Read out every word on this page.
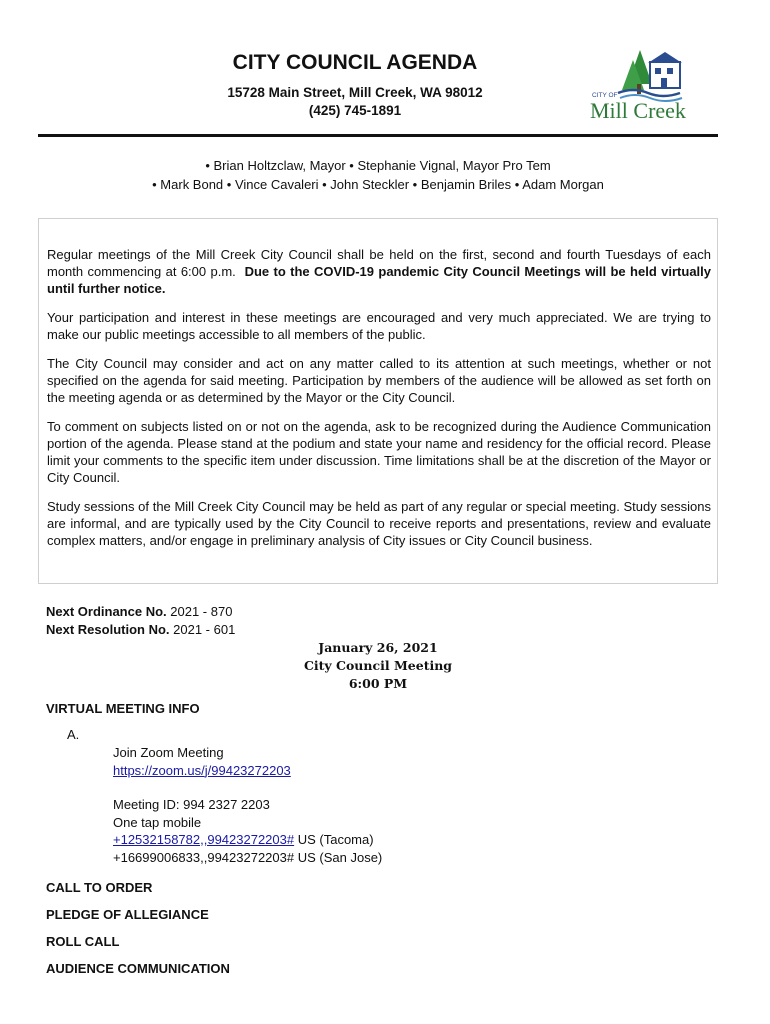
CITY COUNCIL AGENDA
15728 Main Street, Mill Creek, WA 98012
(425) 745-1891
CITY OF
Mill Creek
• Brian Holtzclaw, Mayor • Stephanie Vignal, Mayor Pro Tem
• Mark Bond • Vince Cavaleri • John Steckler • Benjamin Briles • Adam Morgan

Regular meetings of the Mill Creek City Council shall be held on the first, second and fourth Tuesdays of each month commencing at 6:00 p.m. Due to the COVID-19 pandemic City Council Meetings will be held virtually until further notice.

Your participation and interest in these meetings are encouraged and very much appreciated. We are trying to make our public meetings accessible to all members of the public.

The City Council may consider and act on any matter called to its attention at such meetings, whether or not specified on the agenda for said meeting. Participation by members of the audience will be allowed as set forth on the meeting agenda or as determined by the Mayor or the City Council.

To comment on subjects listed on or not on the agenda, ask to be recognized during the Audience Communication portion of the agenda. Please stand at the podium and state your name and residency for the official record. Please limit your comments to the specific item under discussion. Time limitations shall be at the discretion of the Mayor or City Council.

Study sessions of the Mill Creek City Council may be held as part of any regular or special meeting. Study sessions are informal, and are typically used by the City Council to receive reports and presentations, review and evaluate complex matters, and/or engage in preliminary analysis of City issues or City Council business.

Next Ordinance No. 2021 - 870
Next Resolution No. 2021 - 601
January 26, 2021
City Council Meeting
6:00 PM
VIRTUAL MEETING INFO
A.
Join Zoom Meeting
https://zoom.us/j/99423272203
Meeting ID: 994 2327 2203
One tap mobile
+12532158782,,99423272203# US (Tacoma)
+16699006833,,99423272203# US (San Jose)
CALL TO ORDER
PLEDGE OF ALLEGIANCE
ROLL CALL
AUDIENCE COMMUNICATION
